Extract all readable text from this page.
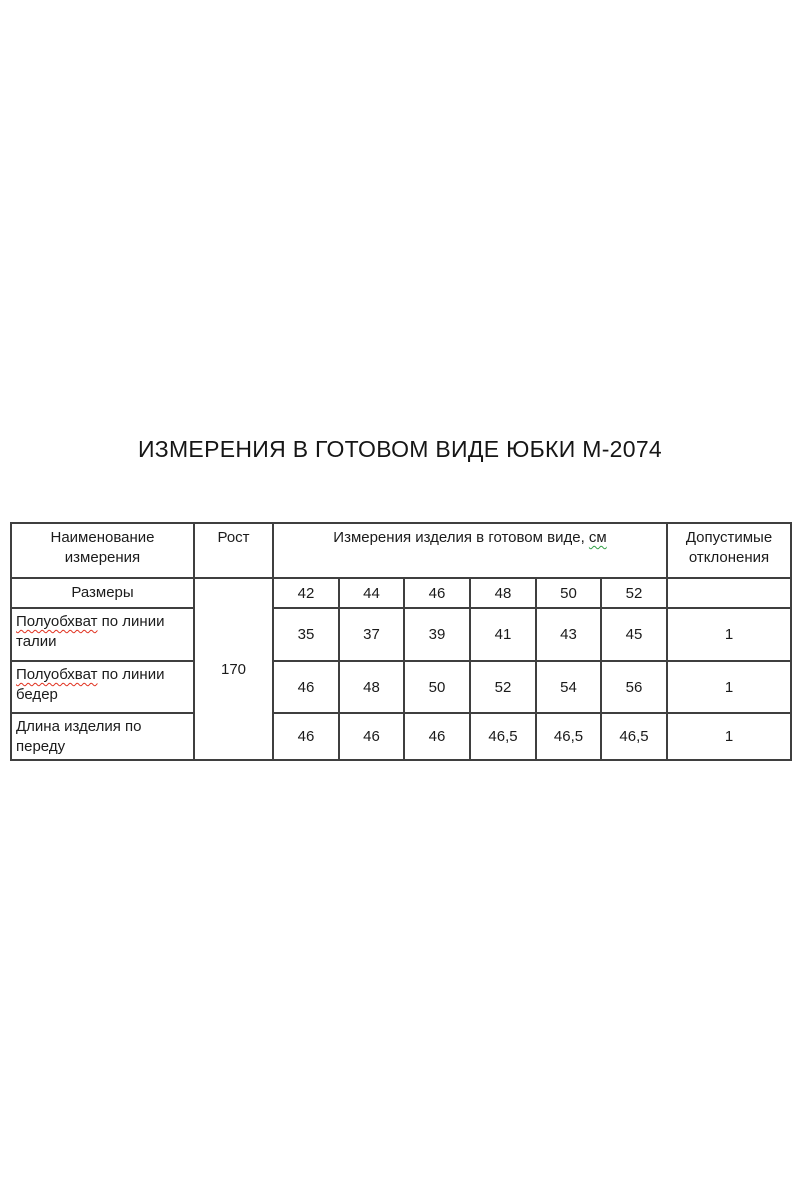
ИЗМЕРЕНИЯ В ГОТОВОМ ВИДЕ ЮБКИ М-2074
Наименование
измерения	Рост	Измерения изделия в готовом виде, см						Допустимые отклонения
Размеры	170	42	44	46	48	50	52	
Полуобхват по линии талии		35	37	39	41	43	45	1
Полуобхват по линии бедер		46	48	50	52	54	56	1
Длина изделия по переду		46	46	46	46,5	46,5	46,5	1
